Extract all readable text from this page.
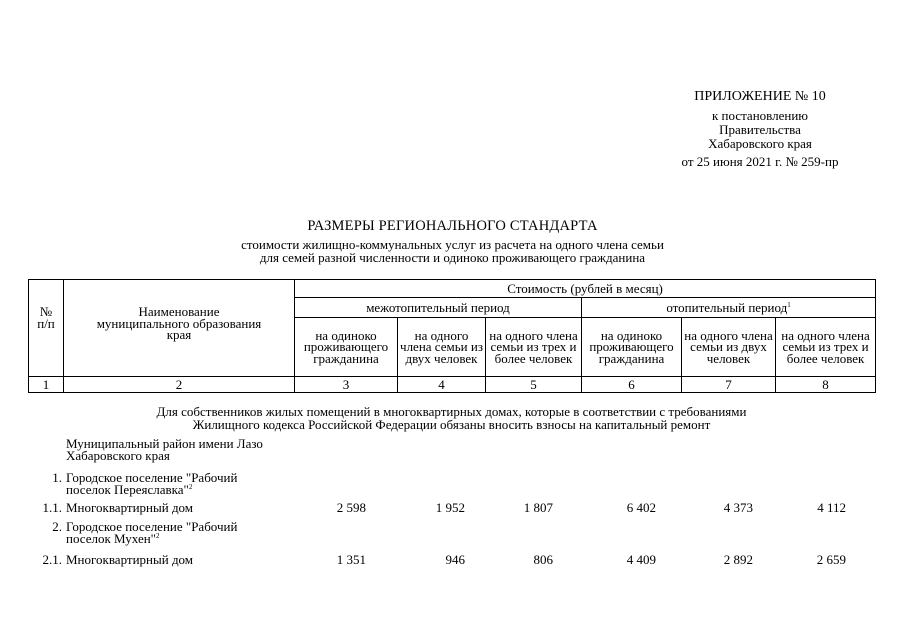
ПРИЛОЖЕНИЕ № 10
к постановлению
Правительства
Хабаровского края
от 25 июня 2021 г. № 259-пр
РАЗМЕРЫ РЕГИОНАЛЬНОГО СТАНДАРТА
стоимости жилищно-коммунальных услуг из расчета на одного члена семьи
для семей разной численности и одиноко проживающего гражданина
№
п/п	Наименование муниципального образования края	Стоимость (рублей в месяц)					
		межотопительный период			отопительный период$^1$
		на одиноко проживающего гражданина	на одного члена семьи из двух человек	на одного члена семьи из трех и более человек	на одиноко проживающего гражданина	на одного члена семьи из двух человек	на одного члена семьи из трех и более человек
1	2	3	4	5	6	7	8
Для собственников жилых помещений в многоквартирных домах, которые в соответствии с требованиями
Жилищного кодекса Российской Федерации обязаны вносить взносы на капитальный ремонт
Муниципальный район имени Лазо
Хабаровского края
1. Городское поселение "Рабочий
поселок Переяславка"$^2$
1.1. Многоквартирный дом	2 598	1 952	1 807	6 402	4 373	4 112
2. Городское поселение "Рабочий
поселок Мухен"$^2$
2.1. Многоквартирный дом	1 351	946	806	4 409	2 892	2 659
